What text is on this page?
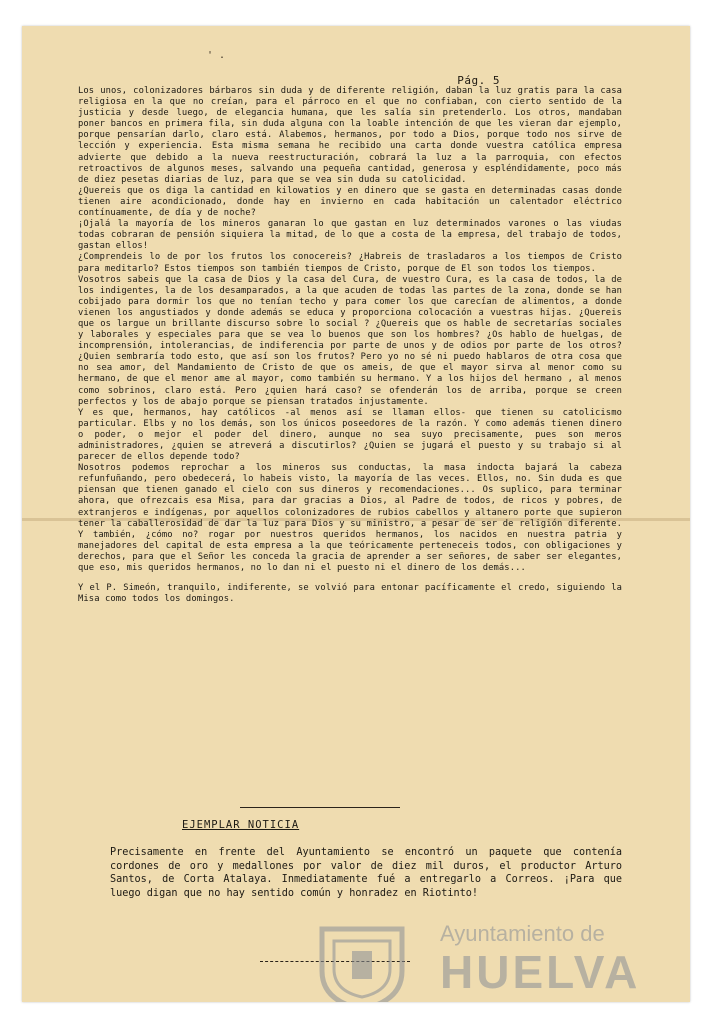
' .
Pág. 5

Los unos, colonizadores bárbaros sin duda y de diferente religión, daban la luz gratis para la casa religiosa en la que no creían, para el párroco en el que no confiaban, con cierto sentido de la justicia y desde luego, de elegancia humana, que les salía sin pretenderlo. Los otros, mandaban poner bancos en primera fila, sin duda alguna con la loable intención de que les vieran dar ejemplo, porque pensarían darlo, claro está. Alabemos, hermanos, por todo a Dios, porque todo nos sirve de lección y experiencia. Esta misma semana he recibido una carta donde vuestra católica empresa advierte que debido a la nueva reestructuración, cobrará la luz a la parroquia, con efectos retroactivos de algunos meses, salvando una pequeña cantidad, generosa y espléndidamente, poco más de diez pesetas diarias de luz, para que se vea sin duda su catolicidad.

¿Quereis que os diga la cantidad en kilowatios y en dinero que se gasta en determinadas casas donde tienen aire acondicionado, donde hay en invierno en cada habitación un calentador eléctrico contínuamente, de día y de noche?

¡Ojalá la mayoría de los mineros ganaran lo que gastan en luz determinados varones o las viudas todas cobraran de pensión siquiera la mitad, de lo que a costa de la empresa, del trabajo de todos, gastan ellos!

¿Comprendeis lo de por los frutos los conocereis? ¿Habreis de trasladaros a los tiempos de Cristo para meditarlo? Estos tiempos son también tiempos de Cristo, porque de El son todos los tiempos.

Vosotros sabeis que la casa de Dios y la casa del Cura, de vuestro Cura, es la casa de todos, la de los indigentes, la de los desamparados, a la que acuden de todas las partes de la zona, donde se han cobijado para dormir los que no tenían techo y para comer los que carecían de alimentos, a donde vienen los angustiados y donde además se educa y proporciona colocación a vuestras hijas. ¿Quereis que os largue un brillante discurso sobre lo social ? ¿Quereis que os hable de secretarías sociales y laborales y especiales para que se vea lo buenos que son los hombres? ¿Os hablo de huelgas, de incomprensión, intolerancias, de indiferencia por parte de unos y de odios por parte de los otros? ¿Quien sembraría todo esto, que así son los frutos? Pero yo no sé ni puedo hablaros de otra cosa que no sea amor, del Mandamiento de Cristo de que os ameis, de que el mayor sirva al menor como su hermano, de que el menor ame al mayor, como también su hermano. Y a los hijos del hermano , al menos como sobrinos, claro está. Pero ¿quien hará caso? se ofenderán los de arriba, porque se creen perfectos y los de abajo porque se piensan tratados injustamente.

Y es que, hermanos, hay católicos -al menos así se llaman ellos- que tienen su catolicismo particular. Elbs y no los demás, son los únicos poseedores de la razón. Y como además tienen dinero o poder, o mejor el poder del dinero, aunque no sea suyo precisamente, pues son meros administradores, ¿quien se atreverá a discutirlos? ¿Quien se jugará el puesto y su trabajo si al parecer de ellos depende todo?

Nosotros podemos reprochar a los mineros sus conductas, la masa indocta bajará la cabeza refunfuñando, pero obedecerá, lo habeis visto, la mayoría de las veces. Ellos, no. Sin duda es que piensan que tienen ganado el cielo con sus dineros y recomendaciones... Os suplico, para terminar ahora, que ofrezcais esa Misa, para dar gracias a Dios, al Padre de todos, de ricos y pobres, de extranjeros e indígenas, por aquellos colonizadores de rubios cabellos y altanero porte que supieron tener la caballerosidad de dar la luz para Dios y su ministro, a pesar de ser de religión diferente. Y también, ¿cómo no? rogar por nuestros queridos hermanos, los nacidos en nuestra patria y manejadores del capital de esta empresa a la que teóricamente perteneceis todos, con obligaciones y derechos, para que el Señor les conceda la gracia de aprender a ser señores, de saber ser elegantes, que eso, mis queridos hermanos, no lo dan ni el puesto ni el dinero de los demás...

Y el P. Simeón, tranquilo, indiferente, se volvió para entonar pacíficamente el credo, siguiendo la Misa como todos los domingos.

EJEMPLAR NOTICIA
Precisamente en frente del Ayuntamiento se encontró un paquete que contenía cordones de oro y medallones por valor de diez mil duros, el productor Arturo Santos, de Corta Atalaya. Inmediatamente fué a entregarlo a Correos. ¡Para que luego digan que no hay sentido común y honradez en Riotinto!
Ayuntamiento de
HUELVA
